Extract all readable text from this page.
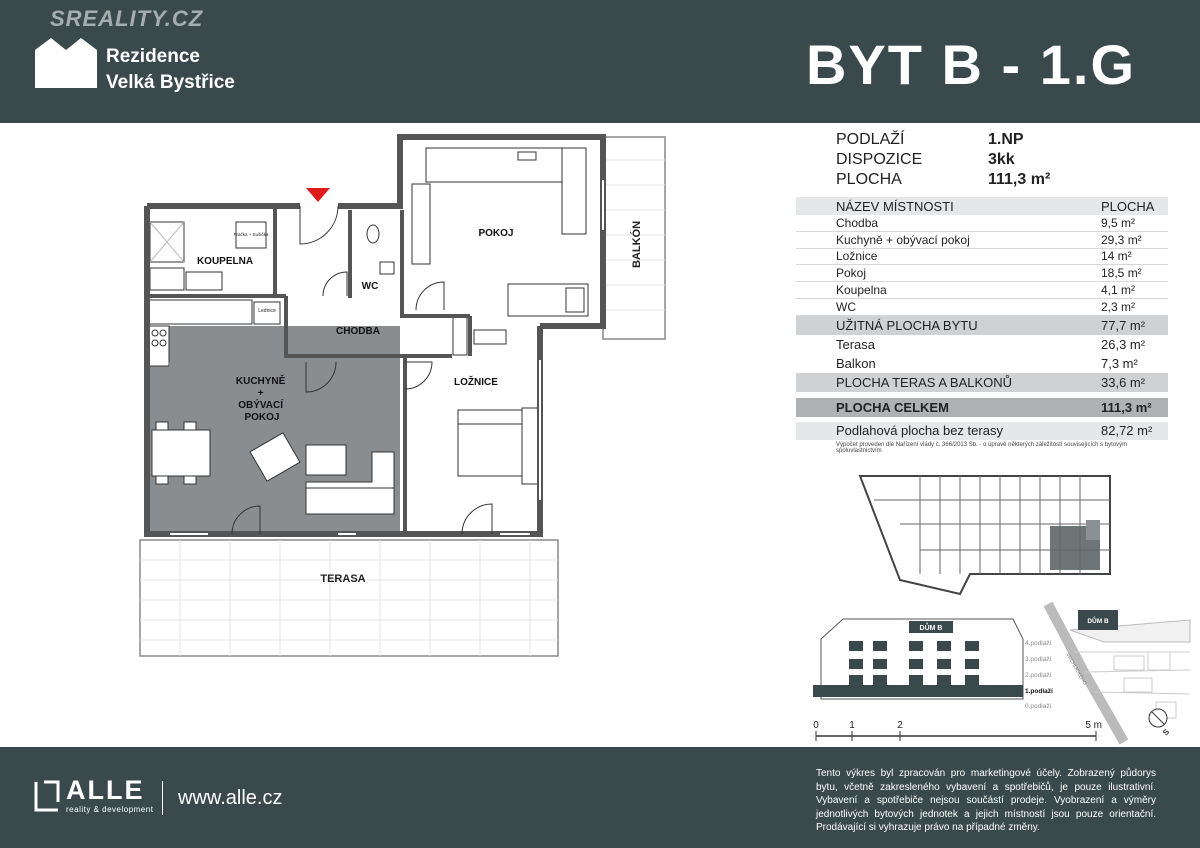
SREALITY.CZ
Rezidence
Velká Bystřice	BYT B - 1.G
TERASA
BALKÓN
Lednice
KUCHYNĚ + OBÝVACÍ POKOJ
Pračka + Sušička
KOUPELNA
WC
CHODBA
POKOJ
LOŽNICE
PODLAŽÍ	1.NP
DISPOZICE	3kk
PLOCHA	111,3 m²
NÁZEV MÍSTNOSTI	PLOCHA
Chodba	9,5 m²
Kuchyně + obývací pokoj	29,3 m²
Ložnice	14 m²
Pokoj	18,5 m²
Koupelna	4,1 m²
WC	2,3 m²
UŽITNÁ PLOCHA BYTU	77,7 m²
Terasa	26,3 m²
Balkon	7,3 m²
PLOCHA TERAS A BALKONŮ	33,6 m²
PLOCHA CELKEM	111,3 m²
Podlahová plocha bez terasy	82,72 m²
Výpočet proveden dle Nařízení vlády č. 366/2013 Sb. - o úpravě některých záležitostí souvisejících s bytovým spoluvlastnictvím
DŮM B
4.podlaží
3.podlaží
2.podlaží
0.podlaží
1.podlaží
0	1	2	5 m
DŮM B
VRCHLICKÉHO
S
ALLE
reality & development
www.alle.cz
Tento výkres byl zpracován pro marketingové účely. Zobrazený půdorys bytu, včetně zakresleného vybavení a spotřebičů, je pouze ilustrativní. Vybavení a spotřebiče nejsou součástí prodeje. Vyobrazení a výměry jednotlivých bytových jednotek a jejich místností jsou pouze orientační. Prodávající si vyhrazuje právo na případné změny.
